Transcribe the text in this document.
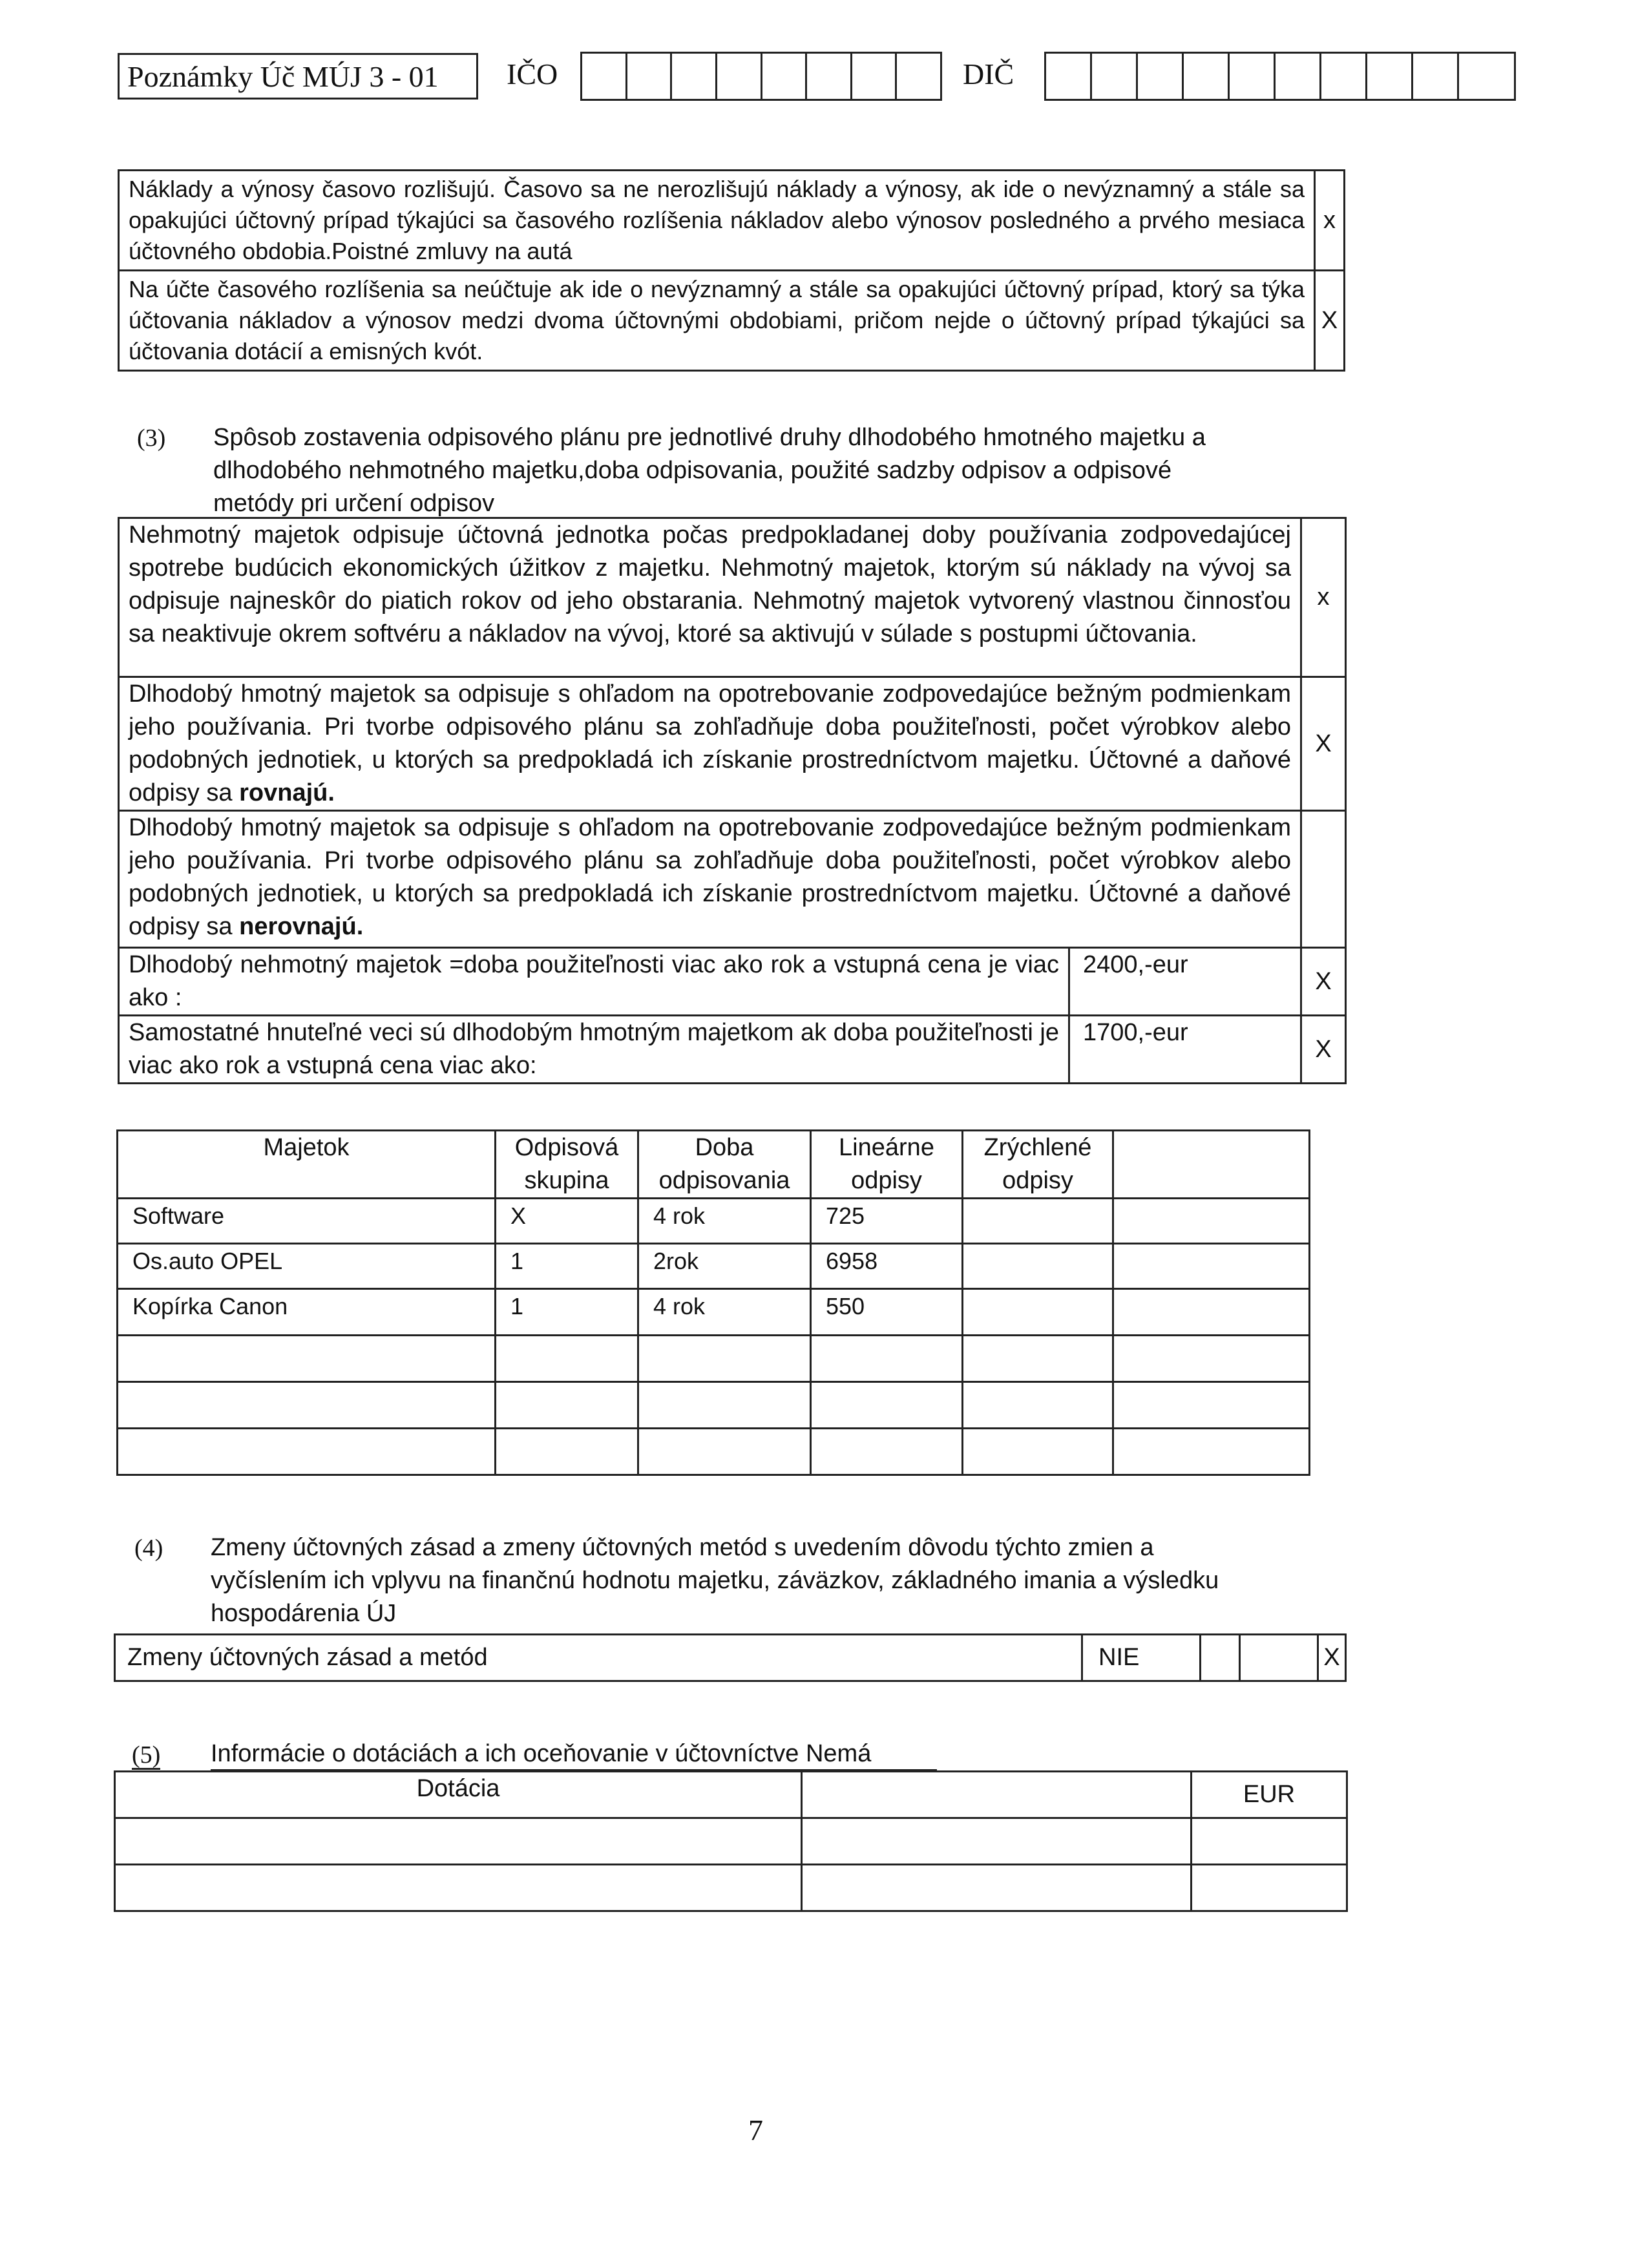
Poznámky Úč MÚJ 3 - 01	IČO	DIČ
Náklady a výnosy časovo rozlišujú. Časovo sa ne nerozlišujú náklady a výnosy, ak ide o nevýznamný a stále sa opakujúci účtovný prípad týkajúci sa časového rozlíšenia nákladov alebo výnosov posledného a prvého mesiaca účtovného obdobia.Poistné zmluvy na autá	x
Na účte časového rozlíšenia sa neúčtuje ak ide o nevýznamný a stále sa opakujúci účtovný prípad, ktorý sa týka účtovania nákladov a výnosov medzi dvoma účtovnými obdobiami, pričom nejde o účtovný prípad týkajúci sa účtovania dotácií a emisných kvót.	X
(3) Spôsob zostavenia odpisového plánu pre jednotlivé druhy dlhodobého hmotného majetku a dlhodobého nehmotného majetku,doba odpisovania, použité sadzby odpisov a odpisové metódy pri určení odpisov
Nehmotný majetok odpisuje účtovná jednotka počas predpokladanej doby používania zodpovedajúcej spotrebe budúcich ekonomických úžitkov z majetku. Nehmotný majetok, ktorým sú náklady na vývoj sa odpisuje najneskôr do piatich rokov od jeho obstarania. Nehmotný majetok vytvorený vlastnou činnosťou sa neaktivuje okrem softvéru a nákladov na vývoj, ktoré sa aktivujú v súlade s postupmi účtovania.		x
Dlhodobý hmotný majetok sa odpisuje s ohľadom na opotrebovanie zodpovedajúce bežným podmienkam jeho používania. Pri tvorbe odpisového plánu sa zohľadňuje doba použiteľnosti, počet výrobkov alebo podobných jednotiek, u ktorých sa predpokladá ich získanie prostredníctvom majetku. Účtovné a daňové odpisy sa rovnajú.		X
Dlhodobý hmotný majetok sa odpisuje s ohľadom na opotrebovanie zodpovedajúce bežným podmienkam jeho používania. Pri tvorbe odpisového plánu sa zohľadňuje doba použiteľnosti, počet výrobkov alebo podobných jednotiek, u ktorých sa predpokladá ich získanie prostredníctvom majetku. Účtovné a daňové odpisy sa nerovnajú.		
Dlhodobý nehmotný majetok =doba použiteľnosti viac ako rok a vstupná cena je viac ako :	2400,-eur	X
Samostatné hnuteľné veci sú dlhodobým hmotným majetkom ak doba použiteľnosti je viac ako rok a vstupná cena viac ako:	1700,-eur	X
Majetok	Odpisová skupina	Doba odpisovania	Lineárne odpisy	Zrýchlené odpisy	
Software	X	4 rok	725		
Os.auto OPEL	1	2rok	6958		
Kopírka Canon	1	4 rok	550		

(4) Zmeny účtovných zásad a zmeny účtovných metód s uvedením dôvodu týchto zmien a vyčíslením ich vplyvu na finančnú hodnotu majetku, záväzkov, základného imania a výsledku hospodárenia ÚJ
Zmeny účtovných zásad a metód	NIE			X
(5) Informácie o dotáciách a ich oceňovanie v účtovníctve Nemá
Dotácia		EUR

7
